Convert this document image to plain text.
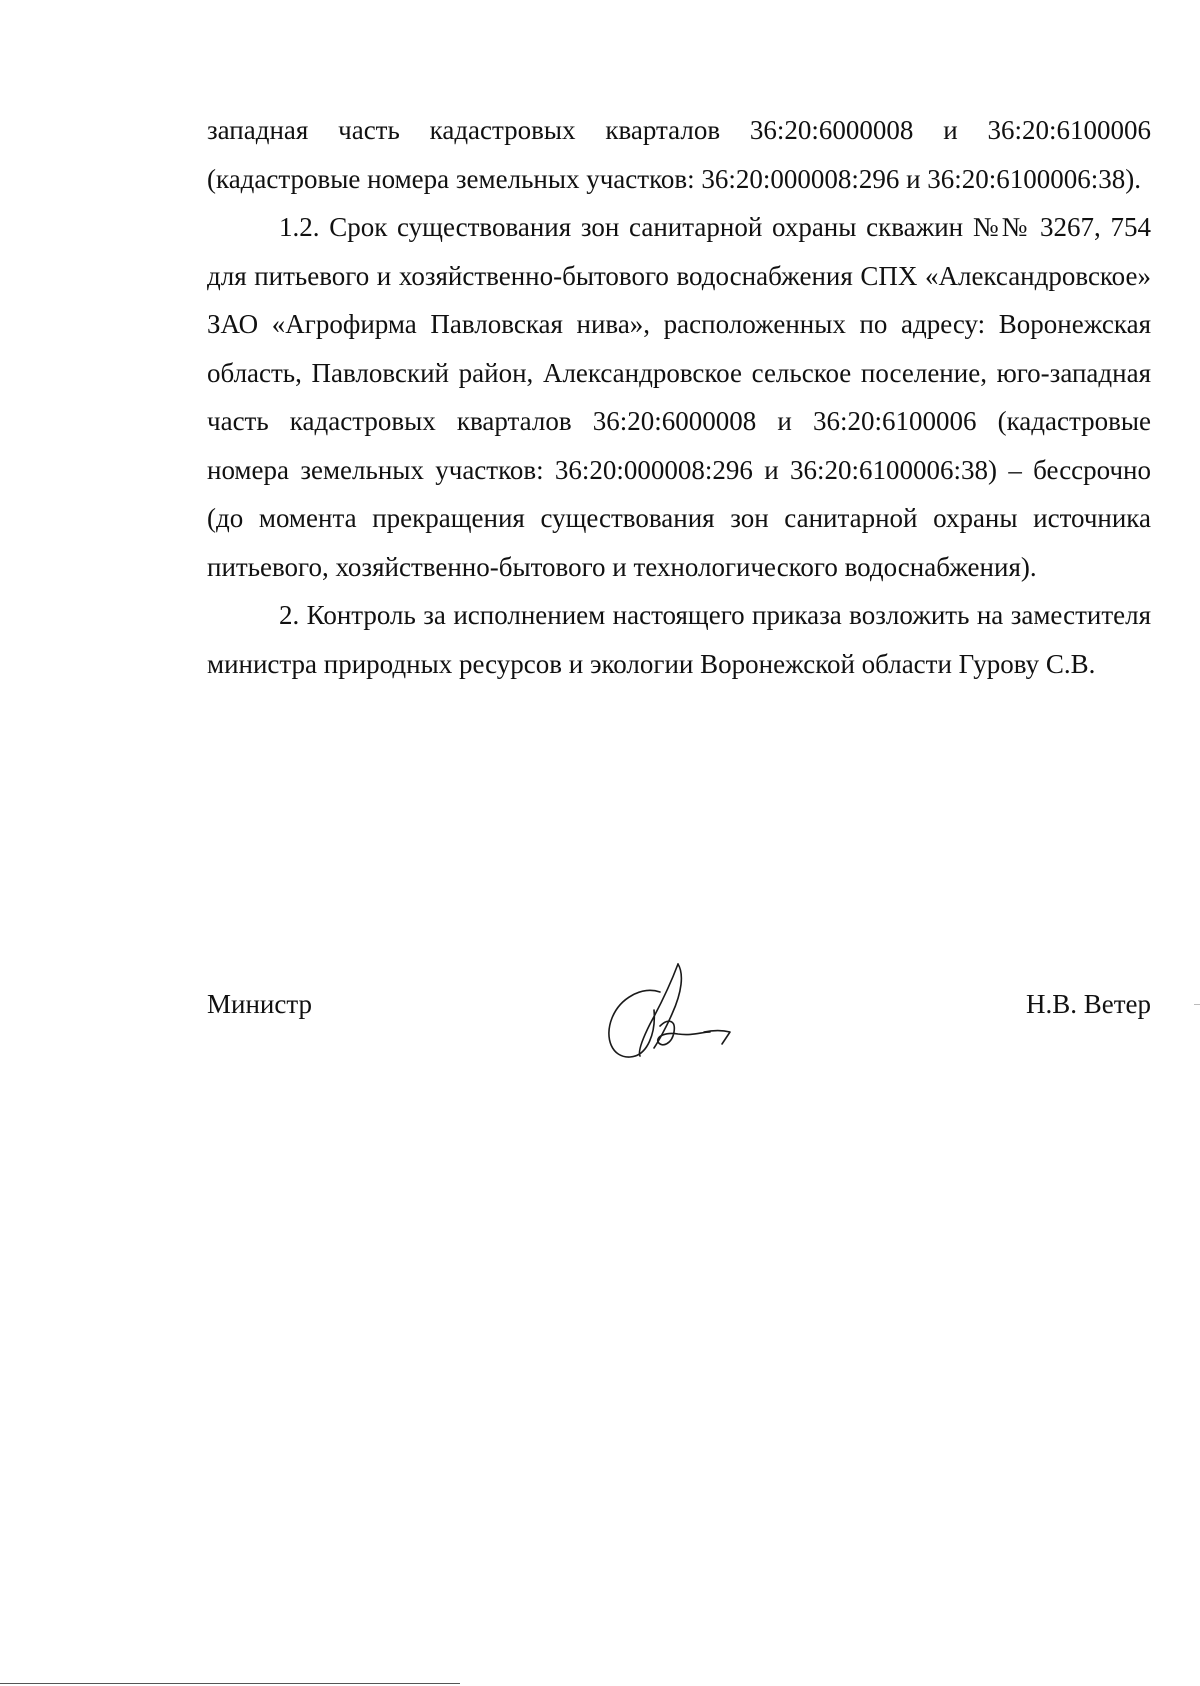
западная часть кадастровых кварталов 36:20:6000008 и 36:20:6100006 (кадастровые номера земельных участков: 36:20:000008:296 и 36:20:6100006:38).

1.2. Срок существования зон санитарной охраны скважин №№ 3267, 754 для питьевого и хозяйственно-бытового водоснабжения СПХ «Александровское» ЗАО «Агрофирма Павловская нива», расположенных по адресу: Воронежская область, Павловский район, Александровское сельское поселение, юго-западная часть кадастровых кварталов 36:20:6000008 и 36:20:6100006 (кадастровые номера земельных участков: 36:20:000008:296 и 36:20:6100006:38) – бессрочно (до момента прекращения существования зон санитарной охраны источника питьевого, хозяйственно-бытового и технологического водоснабжения).

2. Контроль за исполнением настоящего приказа возложить на заместителя министра природных ресурсов и экологии Воронежской области Гурову С.В.

Министр	Н.В. Ветер
